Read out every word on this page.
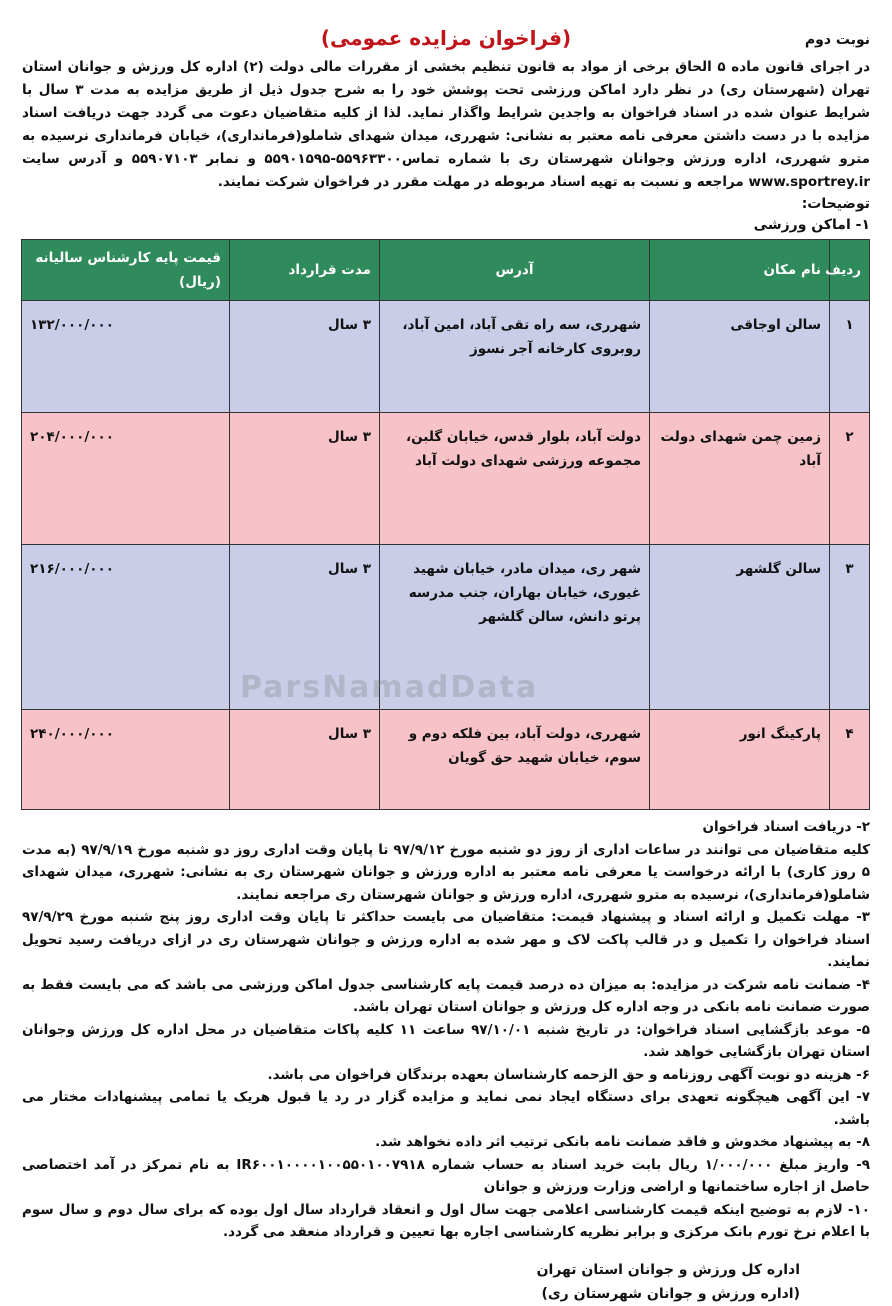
نوبت دوم
(فراخوان مزایده عمومی)

در اجرای قانون ماده ۵ الحاق برخی از مواد به قانون تنظیم بخشی از مقررات مالی دولت (۲) اداره کل ورزش و جوانان استان تهران (شهرستان ری) در نظر دارد اماکن ورزشی تحت پوشش خود را به شرح جدول ذیل از طریق مزایده به مدت ۳ سال با شرایط عنوان شده در اسناد فراخوان به واجدین شرایط واگذار نماید. لذا از کلیه متقاضیان دعوت می گردد جهت دریافت اسناد مزایده با در دست داشتن معرفی نامه معتبر به نشانی: شهرری، میدان شهدای شاملو(فرمانداری)، خیابان فرمانداری نرسیده به مترو شهرری، اداره ورزش وجوانان شهرستان ری با شماره تماس۵۵۹۶۳۳۰۰-۵۵۹۰۱۵۹۵ و نمابر ۵۵۹۰۷۱۰۳ و آدرس سایت www.sportrey.ir مراجعه و نسبت به تهیه اسناد مربوطه در مهلت مقرر در فراخوان شرکت نمایند.

توضیحات:

۱- اماکن ورزشی

ردیف	نام مکان	آدرس	مدت قرارداد	قیمت پایه کارشناس سالیانه (ریال)
۱	سالن اوجاقی	شهرری، سه راه تقی آباد، امین آباد، روبروی کارخانه آجر نسوز	۳ سال	۱۳۲/۰۰۰/۰۰۰
۲	زمین چمن شهدای دولت آباد	دولت آباد، بلوار قدس، خیابان گلبن، مجموعه ورزشی شهدای دولت آباد	۳ سال	۲۰۴/۰۰۰/۰۰۰
۳	سالن گلشهر	شهر ری، میدان مادر، خیابان شهید غیوری، خیابان بهاران، جنب مدرسه پرتو دانش، سالن گلشهر	۳ سال	۲۱۶/۰۰۰/۰۰۰
۴	پارکینگ انور	شهرری، دولت آباد، بین فلکه دوم و سوم، خیابان شهید حق گویان	۳ سال	۲۴۰/۰۰۰/۰۰۰

۲- دریافت اسناد فراخوان

کلیه متقاضیان می توانند در ساعات اداری از روز دو شنبه مورخ ۹۷/۹/۱۲ تا پایان وقت اداری روز دو شنبه مورخ ۹۷/۹/۱۹ (به مدت ۵ روز کاری) با ارائه درخواست یا معرفی نامه معتبر به اداره ورزش و جوانان شهرستان ری به نشانی: شهرری، میدان شهدای شاملو(فرمانداری)، نرسیده به مترو شهرری، اداره ورزش و جوانان شهرستان ری مراجعه نمایند.

۳- مهلت تکمیل و ارائه اسناد و پیشنهاد قیمت: متقاضیان می بایست حداکثر تا پایان وقت اداری روز پنج شنبه مورخ ۹۷/۹/۲۹ اسناد فراخوان را تکمیل و در قالب پاکت لاک و مهر شده به اداره ورزش و جوانان شهرستان ری در ازای دریافت رسید تحویل نمایند.

۴- ضمانت نامه شرکت در مزایده: به میزان ده درصد قیمت پایه کارشناسی جدول اماکن ورزشی می باشد که می بایست فقط به صورت ضمانت نامه بانکی در وجه اداره کل ورزش و جوانان استان تهران باشد.

۵- موعد بازگشایی اسناد فراخوان: در تاریخ شنبه ۹۷/۱۰/۰۱ ساعت ۱۱ کلیه پاکات متقاضیان در محل اداره کل ورزش وجوانان استان تهران بازگشایی خواهد شد.

۶- هزینه دو نوبت آگهی روزنامه و حق الزحمه کارشناسان بعهده برندگان فراخوان می باشد.

۷- این آگهی هیچگونه تعهدی برای دستگاه ایجاد نمی نماید و مزایده گزار در رد یا قبول هریک یا تمامی پیشنهادات مختار می باشد.

۸- به پیشنهاد مخدوش و فاقد ضمانت نامه بانکی ترتیب اثر داده نخواهد شد.

۹- واریز مبلغ ۱/۰۰۰/۰۰۰ ریال بابت خرید اسناد به حساب شماره IR۶۰۰۱۰۰۰۰۱۰۰۵۵۰۱۰۰۷۹۱۸ به نام تمرکز در آمد اختصاصی حاصل از اجاره ساختمانها و اراضی وزارت ورزش و جوانان

۱۰- لازم به توضیح اینکه قیمت کارشناسی اعلامی جهت سال اول و انعقاد قرارداد سال اول بوده که برای سال دوم و سال سوم با اعلام نرخ تورم بانک مرکزی و برابر نظریه کارشناسی اجاره بها تعیین و قرارداد منعقد می گردد.

اداره کل ورزش و جوانان استان تهران
(اداره ورزش و جوانان شهرستان ری)
ParsNamadData
